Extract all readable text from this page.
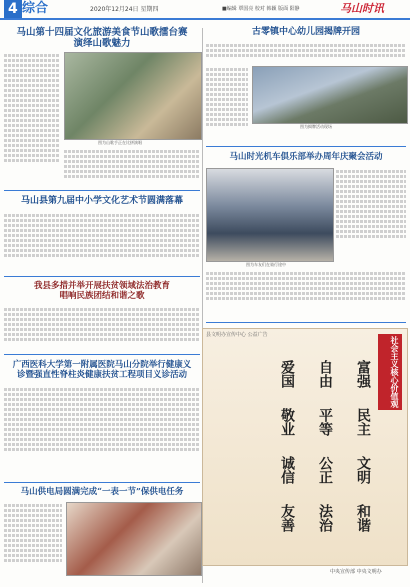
4 综合	2020年12月24日 星期四	■编辑 覃国亮 校对 韩颖 版面 阳静	马山时讯
马山第十四届文化旅游美食节山歌擂台赛
演绎山歌魅力
图为山歌手正在比拼演唱
马山县第九届中小学文化艺术节圆满落幕
我县多措并举开展扶贫领域法治教育
唱响民族团结和谐之歌
广西医科大学第一附属医院马山分院举行健康义
诊暨强直性脊柱炎健康扶贫工程项目义诊活动
马山供电局圆满完成“一表一节”保供电任务
古零镇中心幼儿园揭牌开园
图为揭牌活动现场
马山时光机车俱乐部举办周年庆聚会活动
图为车友们在骑行途中
县文明办宣传中心 公益广告
社会主义核心价值观
富强
民主
文明
和谐
自由
平等
公正
法治
爱国
敬业
诚信
友善
中央宣传部 中央文明办
